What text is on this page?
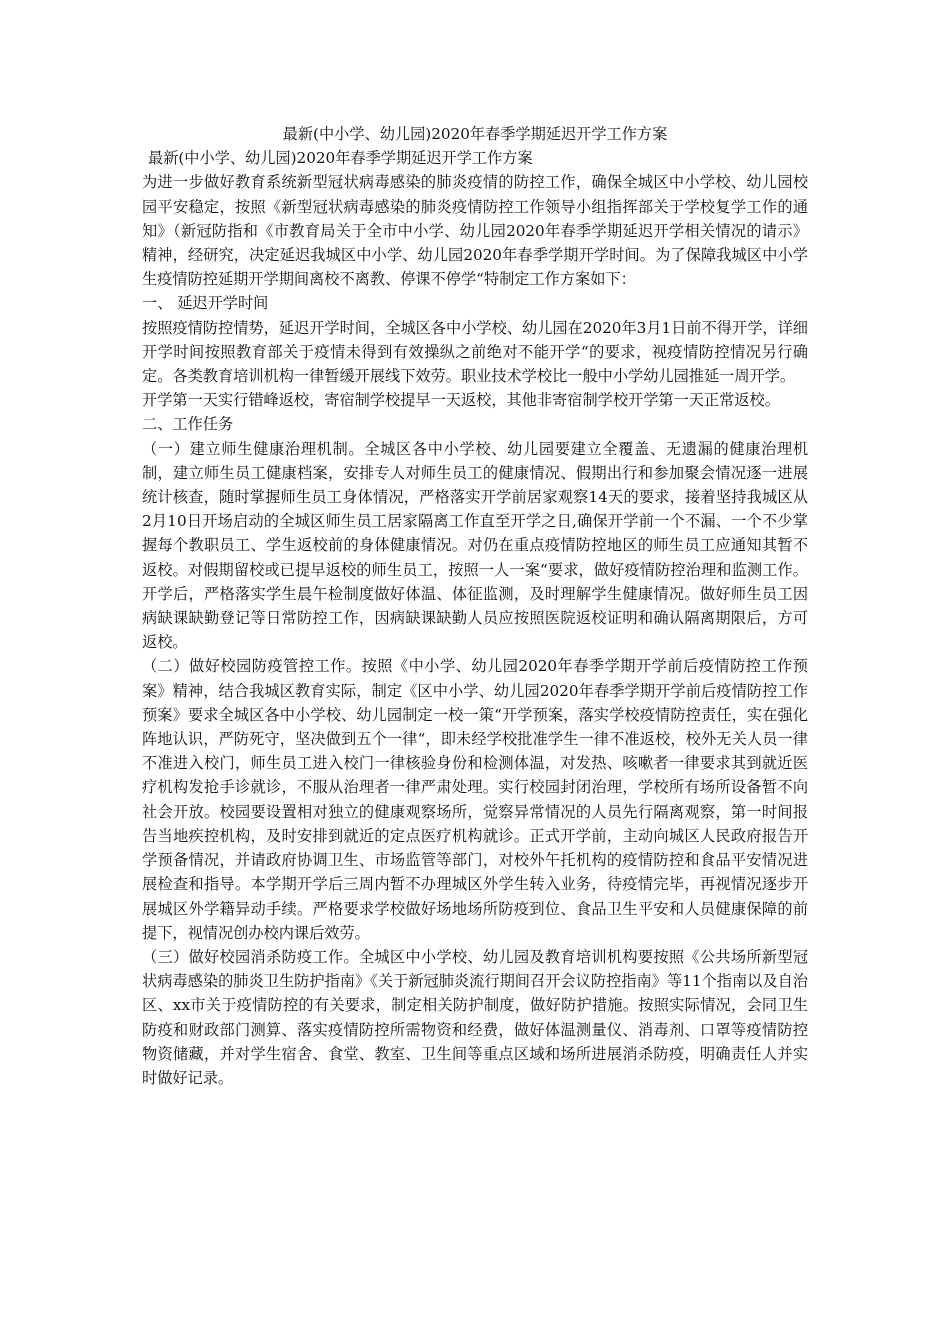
最新(中小学、幼儿园)2020年春季学期延迟开学工作方案

最新(中小学、幼儿园)2020年春季学期延迟开学工作方案

为进一步做好教育系统新型冠状病毒感染的肺炎疫情的防控工作，确保全城区中小学校、幼儿园校园平安稳定，按照《新型冠状病毒感染的肺炎疫情防控工作领导小组指挥部关于学校复学工作的通知》（新冠防指和《市教育局关于全市中小学、幼儿园2020年春季学期延迟开学相关情况的请示》精神，经研究，决定延迟我城区中小学、幼儿园2020年春季学期开学时间。为了保障我城区中小学生疫情防控延期开学期间离校不离教、停课不停学“特制定工作方案如下：

一、 延迟开学时间

按照疫情防控情势，延迟开学时间，全城区各中小学校、幼儿园在2020年3月1日前不得开学，详细开学时间按照教育部关于疫情未得到有效操纵之前绝对不能开学“的要求，视疫情防控情况另行确定。各类教育培训机构一律暂缓开展线下效劳。职业技术学校比一般中小学幼儿园推延一周开学。

开学第一天实行错峰返校，寄宿制学校提早一天返校，其他非寄宿制学校开学第一天正常返校。

二、工作任务

（一）建立师生健康治理机制。全城区各中小学校、幼儿园要建立全覆盖、无遗漏的健康治理机制，建立师生员工健康档案，安排专人对师生员工的健康情况、假期出行和参加聚会情况逐一进展统计核查，随时掌握师生员工身体情况，严格落实开学前居家观察14天的要求，接着坚持我城区从2月10日开场启动的全城区师生员工居家隔离工作直至开学之日,确保开学前一个不漏、一个不少掌握每个教职员工、学生返校前的身体健康情况。对仍在重点疫情防控地区的师生员工应通知其暂不返校。对假期留校或已提早返校的师生员工，按照一人一案“要求，做好疫情防控治理和监测工作。开学后，严格落实学生晨午检制度做好体温、体征监测，及时理解学生健康情况。做好师生员工因病缺课缺勤登记等日常防控工作，因病缺课缺勤人员应按照医院返校证明和确认隔离期限后，方可返校。

（二）做好校园防疫管控工作。按照《中小学、幼儿园2020年春季学期开学前后疫情防控工作预案》精神，结合我城区教育实际，制定《区中小学、幼儿园2020年春季学期开学前后疫情防控工作预案》要求全城区各中小学校、幼儿园制定一校一策“开学预案，落实学校疫情防控责任，实在强化阵地认识，严防死守，坚决做到五个一律“，即未经学校批准学生一律不准返校，校外无关人员一律不准进入校门，师生员工进入校门一律核验身份和检测体温，对发热、咳嗽者一律要求其到就近医疗机构发抢手诊就诊，不服从治理者一律严肃处理。实行校园封闭治理，学校所有场所设备暂不向社会开放。校园要设置相对独立的健康观察场所，觉察异常情况的人员先行隔离观察，第一时间报告当地疾控机构，及时安排到就近的定点医疗机构就诊。正式开学前，主动向城区人民政府报告开学预备情况，并请政府协调卫生、市场监管等部门，对校外午托机构的疫情防控和食品平安情况进展检查和指导。本学期开学后三周内暂不办理城区外学生转入业务，待疫情完毕，再视情况逐步开展城区外学籍异动手续。严格要求学校做好场地场所防疫到位、食品卫生平安和人员健康保障的前提下，视情况创办校内课后效劳。

（三）做好校园消杀防疫工作。全城区中小学校、幼儿园及教育培训机构要按照《公共场所新型冠状病毒感染的肺炎卫生防护指南》《关于新冠肺炎流行期间召开会议防控指南》等11个指南以及自治区、xx市关于疫情防控的有关要求，制定相关防护制度，做好防护措施。按照实际情况，会同卫生防疫和财政部门测算、落实疫情防控所需物资和经费，做好体温测量仪、消毒剂、口罩等疫情防控物资储藏，并对学生宿舍、食堂、教室、卫生间等重点区域和场所进展消杀防疫，明确责任人并实时做好记录。
